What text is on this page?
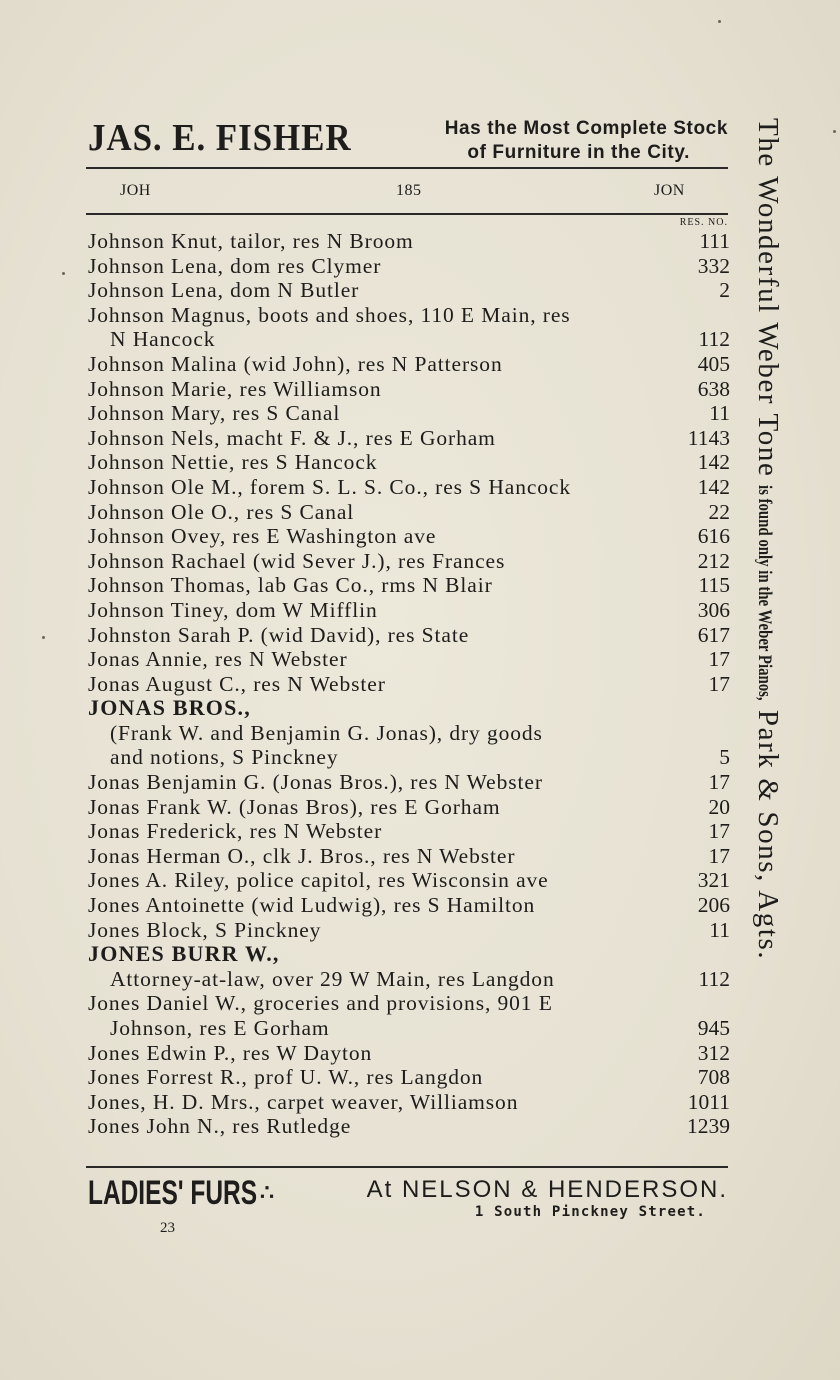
JAS. E. FISHER	Has the Most Complete Stock
of Furniture in the City.
JOH	185	JON
RES. NO.
Johnson Knut, tailor, res N Broom	111
Johnson Lena, dom res Clymer	332
Johnson Lena, dom N Butler	2
Johnson Magnus, boots and shoes, 110 E Main, res
N Hancock	112
Johnson Malina (wid John), res N Patterson	405
Johnson Marie, res Williamson	638
Johnson Mary, res S Canal	11
Johnson Nels, macht F. & J., res E Gorham	1143
Johnson Nettie, res S Hancock	142
Johnson Ole M., forem S. L. S. Co., res S Hancock	142
Johnson Ole O., res S Canal	22
Johnson Ovey, res E Washington ave	616
Johnson Rachael (wid Sever J.), res Frances	212
Johnson Thomas, lab Gas Co., rms N Blair	115
Johnson Tiney, dom W Mifflin	306
Johnston Sarah P. (wid David), res State	617
Jonas Annie, res N Webster	17
Jonas August C., res N Webster	17
JONAS BROS.,
(Frank W. and Benjamin G. Jonas), dry goods
and notions, S Pinckney	5
Jonas Benjamin G. (Jonas Bros.), res N Webster	17
Jonas Frank W. (Jonas Bros), res E Gorham	20
Jonas Frederick, res N Webster	17
Jonas Herman O., clk J. Bros., res N Webster	17
Jones A. Riley, police capitol, res Wisconsin ave	321
Jones Antoinette (wid Ludwig), res S Hamilton	206
Jones Block, S Pinckney	11
JONES BURR W.,
Attorney-at-law, over 29 W Main, res Langdon	112
Jones Daniel W., groceries and provisions, 901 E
Johnson, res E Gorham	945
Jones Edwin P., res W Dayton	312
Jones Forrest R., prof U. W., res Langdon	708
Jones, H. D. Mrs., carpet weaver, Williamson	1011
Jones John N., res Rutledge	1239
LADIES' FURS ∴	At NELSON & HENDERSON.
1 South Pinckney Street.
23
The Wonderful Weber Tone
is found only in the Weber Pianos,
Park & Sons, Agts.
